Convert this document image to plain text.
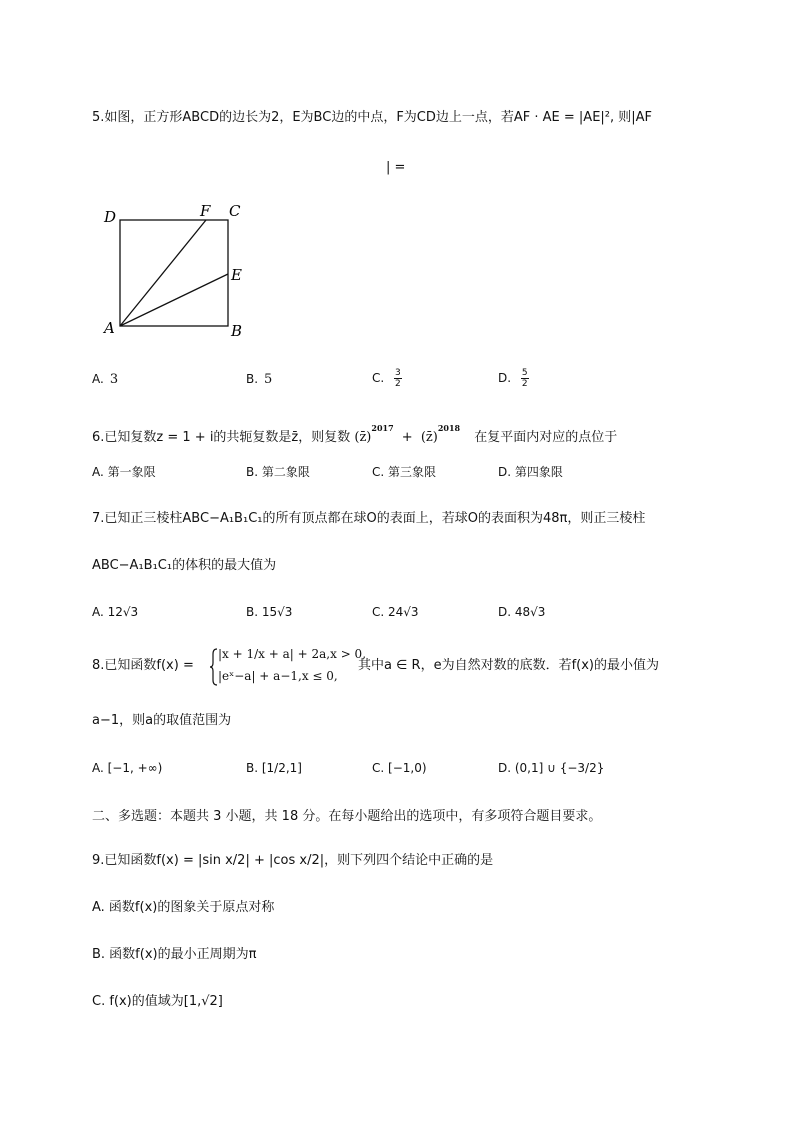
5.如图，正方形ABCD的边长为2，E为BC边的中点，F为CD边上一点，若AF · AE = |AE|², 则|AF
| =
D	F C
E
A	B
A. 3	B. 5	C. $\frac{3}{2}$	D. $\frac{5}{2}$
6.已知复数z = 1 + i的共轭复数是z̄，则复数 (z̄)$^{2017}$ + (z̄)$^{2018}$ 在复平面内对应的点位于
A. 第一象限	B. 第二象限	C. 第三象限	D. 第四象限
7.已知正三棱柱ABC−A₁B₁C₁的所有顶点都在球O的表面上，若球O的表面积为48π，则正三棱柱
ABC−A₁B₁C₁的体积的最大值为
A. 12√3	B. 15√3	C. 24√3	D. 48√3
8.已知函数f(x) =
|x + 1/x + a| + 2a,x > 0,
|eˣ−a| + a−1,x ≤ 0,
其中a ∈ R，e为自然对数的底数．若f(x)的最小值为
a−1，则a的取值范围为
A. [−1, +∞)	B. [1/2,1]	C. [−1,0)	D. (0,1] ∪ {−3/2}
二、多选题：本题共 3 小题，共 18 分。在每小题给出的选项中，有多项符合题目要求。
9.已知函数f(x) = |sin x/2| + |cos x/2|，则下列四个结论中正确的是
A. 函数f(x)的图象关于原点对称
B. 函数f(x)的最小正周期为π
C. f(x)的值域为[1,√2]
